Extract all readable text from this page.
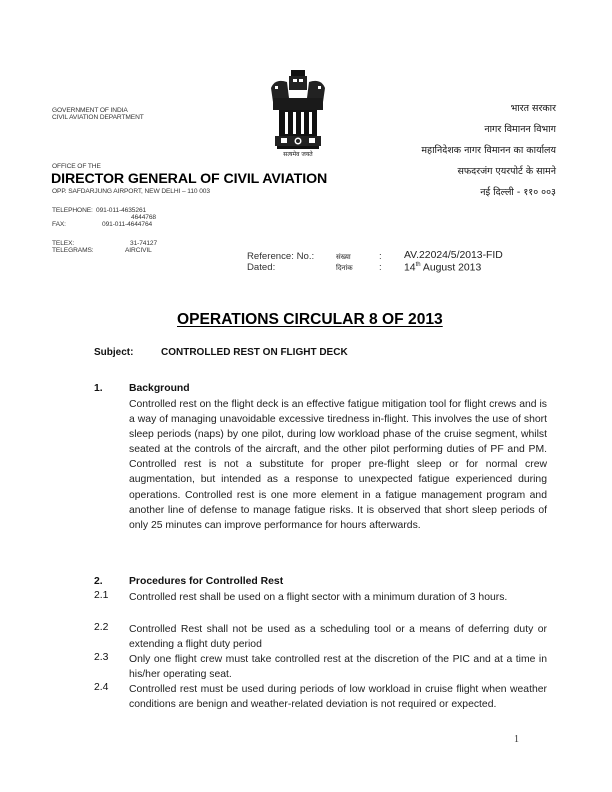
GOVERNMENT OF INDIA
CIVIL AVIATION DEPARTMENT
OFFICE OF THE
DIRECTOR GENERAL OF CIVIL AVIATION
OPP. SAFDARJUNG AIRPORT, NEW DELHI – 110 003
TELEPHONE: 091-011-4635261
4644768
FAX:	091-011-4644764
TELEX:	31-74127
TELEGRAMS:	AIRCIVIL
सत्यमेव जयते
भारत सरकार
नागर विमानन विभाग
महानिदेशक नागर विमानन का कार्यालय
सफदरजंग एयरपोर्ट के सामने
नई दिल्ली - ११० ००३
Reference: No.:	संख्या	: AV.22024/5/2013-FID
Dated:	दिनांक	: 14th August 2013
OPERATIONS CIRCULAR 8 OF 2013
Subject:	CONTROLLED REST ON FLIGHT DECK
1.	Background
Controlled rest on the flight deck is an effective fatigue mitigation tool for flight crews and is a way of managing unavoidable excessive tiredness in-flight. This involves the use of short sleep periods (naps) by one pilot, during low workload phase of the cruise segment, whilst seated at the controls of the aircraft, and the other pilot performing duties of PF and PM. Controlled rest is not a substitute for proper pre-flight sleep or for normal crew augmentation, but intended as a response to unexpected fatigue experienced during operations. Controlled rest is one more element in a fatigue management program and another line of defense to manage fatigue risks. It is observed that short sleep periods of only 25 minutes can improve performance for hours afterwards.
2.	Procedures for Controlled Rest
2.1 Controlled rest shall be used on a flight sector with a minimum duration of 3 hours.
2.2 Controlled Rest shall not be used as a scheduling tool or a means of deferring duty or extending a flight duty period
2.3 Only one flight crew must take controlled rest at the discretion of the PIC and at a time in his/her operating seat.
2.4 Controlled rest must be used during periods of low workload in cruise flight when weather conditions are benign and weather-related deviation is not required or expected.
1
